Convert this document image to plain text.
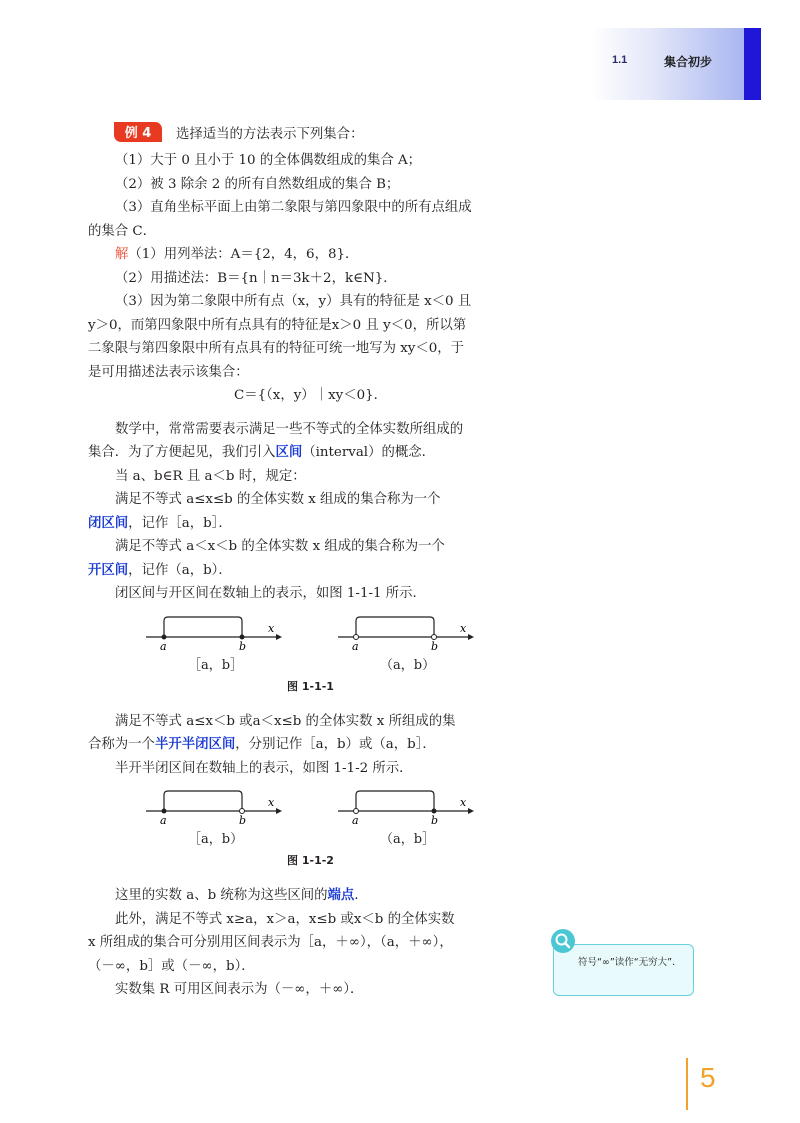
1.1	集合初步
例 4 选择适当的方法表示下列集合：
（1）大于 0 且小于 10 的全体偶数组成的集合 A；
（2）被 3 除余 2 的所有自然数组成的集合 B；
（3）直角坐标平面上由第二象限与第四象限中的所有点组成
的集合 C．
解（1）用列举法：A＝{2，4，6，8}．
（2）用描述法：B＝{n｜n＝3k＋2，k∈N}．
（3）因为第二象限中所有点（x，y）具有的特征是 x＜0 且
y＞0，而第四象限中所有点具有的特征是x＞0 且 y＜0，所以第
二象限与第四象限中所有点具有的特征可统一地写为 xy＜0，于
是可用描述法表示该集合：
C＝{（x，y）｜xy＜0}．
数学中，常常需要表示满足一些不等式的全体实数所组成的
集合．为了方便起见，我们引入区间（interval）的概念．
当 a、b∈R 且 a＜b 时，规定：
满足不等式 a≤x≤b 的全体实数 x 组成的集合称为一个
闭区间，记作［a，b］．
满足不等式 a＜x＜b 的全体实数 x 组成的集合称为一个
开区间，记作（a，b）．
闭区间与开区间在数轴上的表示，如图 1-1-1 所示．
a	b
x
a	b
x
［a，b］	（a，b）
图 1-1-1
满足不等式 a≤x＜b 或a＜x≤b 的全体实数 x 所组成的集
合称为一个半开半闭区间，分别记作［a，b）或（a，b］．
半开半闭区间在数轴上的表示，如图 1-1-2 所示．
a	b
x
a	b
x
［a，b）	（a，b］
图 1-1-2
这里的实数 a、b 统称为这些区间的端点．
此外，满足不等式 x≥a，x＞a，x≤b 或x＜b 的全体实数
x 所组成的集合可分别用区间表示为［a，＋∞），（a，＋∞），
（－∞，b］或（－∞，b）．
实数集 R 可用区间表示为（－∞，＋∞）．
符号“∞”读作“无穷大”．
5
